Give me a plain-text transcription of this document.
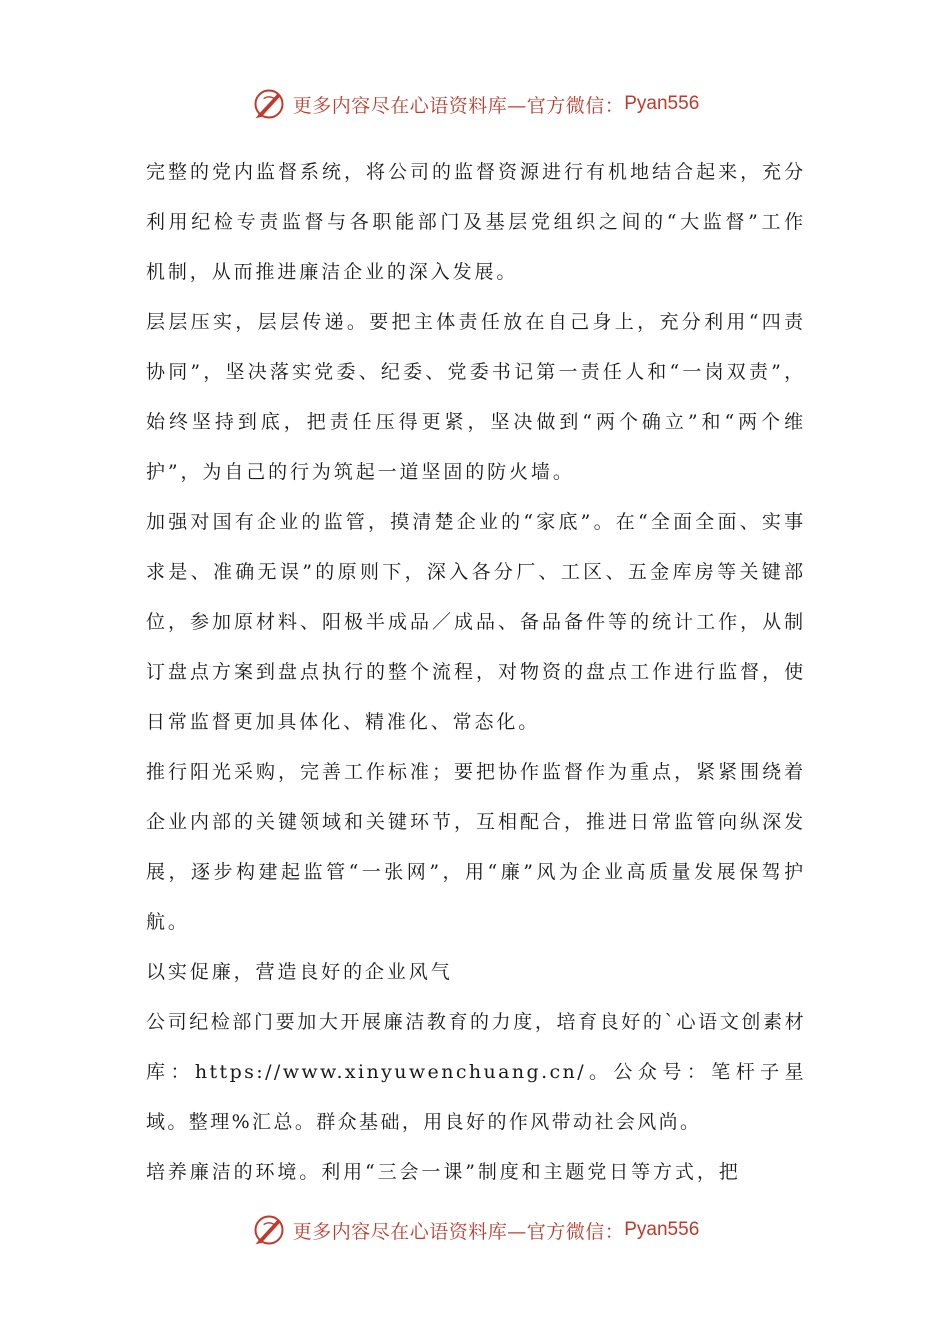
更多内容尽在心语资料库—官方微信： Pyan556

完整的党内监督系统，将公司的监督资源进行有机地结合起来，充分利用纪检专责监督与各职能部门及基层党组织之间的“大监督”工作机制，从而推进廉洁企业的深入发展。

层层压实，层层传递。要把主体责任放在自己身上，充分利用“四责协同”，坚决落实党委、纪委、党委书记第一责任人和“一岗双责”，始终坚持到底，把责任压得更紧，坚决做到“两个确立”和“两个维护”，为自己的行为筑起一道坚固的防火墙。

加强对国有企业的监管，摸清楚企业的“家底”。在“全面全面、实事求是、准确无误”的原则下，深入各分厂、工区、五金库房等关键部位，参加原材料、阳极半成品／成品、备品备件等的统计工作，从制订盘点方案到盘点执行的整个流程，对物资的盘点工作进行监督，使日常监督更加具体化、精准化、常态化。

推行阳光采购，完善工作标准；要把协作监督作为重点，紧紧围绕着企业内部的关键领域和关键环节，互相配合，推进日常监管向纵深发展，逐步构建起监管“一张网”，用“廉”风为企业高质量发展保驾护航。

以实促廉，营造良好的企业风气

公司纪检部门要加大开展廉洁教育的力度，培育良好的`心语文创素材库：https://www.xinyuwenchuang.cn/。公众号：笔杆子星域。整理%汇总。群众基础，用良好的作风带动社会风尚。

培养廉洁的环境。利用“三会一课”制度和主题党日等方式，把

更多内容尽在心语资料库—官方微信： Pyan556
